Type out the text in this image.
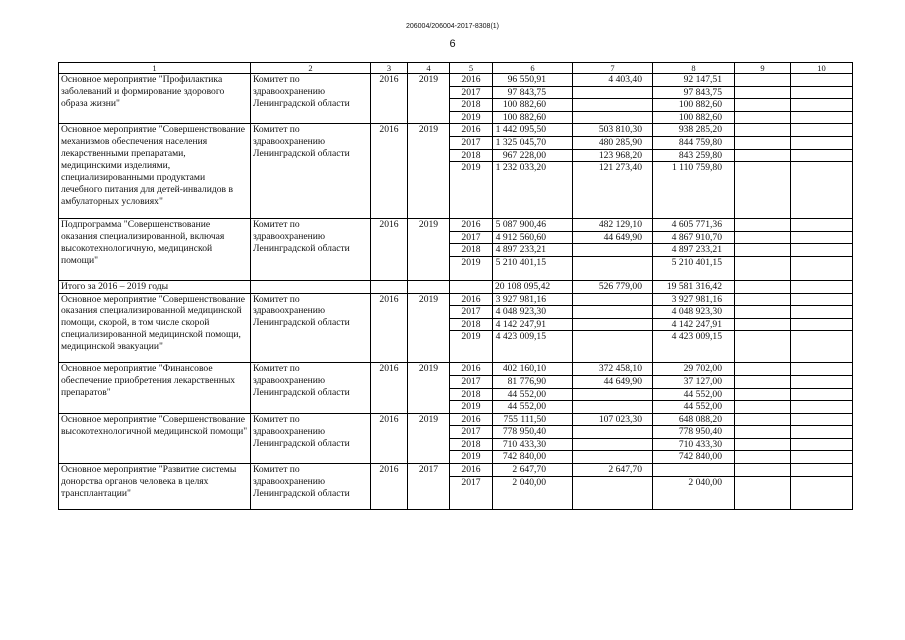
206004/206004-2017-8308(1)
6
1	2	3	4	5	6	7	8	9	10
Основное мероприятие "Профилактика заболеваний и формирование здорового образа жизни"	Комитет по здравоохранению Ленинградской области	2016	2019	2016	96 550,91	4 403,40	92 147,51		
				2017	97 843,75		97 843,75		
				2018	100 882,60		100 882,60		
				2019	100 882,60		100 882,60		
Основное мероприятие "Совершенствование механизмов обеспечения населения лекарственными препаратами, медицинскими изделиями, специализированными продуктами лечебного питания для детей-инвалидов в амбулаторных условиях"	Комитет по здравоохранению Ленинградской области	2016	2019	2016	1 442 095,50	503 810,30	938 285,20		
				2017	1 325 045,70	480 285,90	844 759,80		
				2018	967 228,00	123 968,20	843 259,80		
				2019	1 232 033,20	121 273,40	1 110 759,80		
Подпрограмма "Совершенствование оказания специализированной, включая высокотехнологичную, медицинской помощи"	Комитет по здравоохранению Ленинградской области	2016	2019	2016	5 087 900,46	482 129,10	4 605 771,36		
				2017	4 912 560,60	44 649,90	4 867 910,70		
				2018	4 897 233,21		4 897 233,21		
				2019	5 210 401,15		5 210 401,15		
Итого за 2016 – 2019 годы					20 108 095,42	526 779,00	19 581 316,42		
Основное мероприятие "Совершенствование оказания специализированной медицинской помощи, скорой, в том числе скорой специализированной медицинской помощи, медицинской эвакуации"	Комитет по здравоохранению Ленинградской области	2016	2019	2016	3 927 981,16		3 927 981,16		
				2017	4 048 923,30		4 048 923,30		
				2018	4 142 247,91		4 142 247,91		
				2019	4 423 009,15		4 423 009,15		
Основное мероприятие "Финансовое обеспечение приобретения лекарственных препаратов"	Комитет по здравоохранению Ленинградской области	2016	2019	2016	402 160,10	372 458,10	29 702,00		
				2017	81 776,90	44 649,90	37 127,00		
				2018	44 552,00		44 552,00		
				2019	44 552,00		44 552,00		
Основное мероприятие "Совершенствование высокотехнологичной медицинской помощи"	Комитет по здравоохранению Ленинградской области	2016	2019	2016	755 111,50	107 023,30	648 088,20		
				2017	778 950,40		778 950,40		
				2018	710 433,30		710 433,30		
				2019	742 840,00		742 840,00		
Основное мероприятие "Развитие системы донорства органов человека в целях трансплантации"	Комитет по здравоохранению Ленинградской области	2016	2017	2016	2 647,70	2 647,70			
				2017	2 040,00		2 040,00		
